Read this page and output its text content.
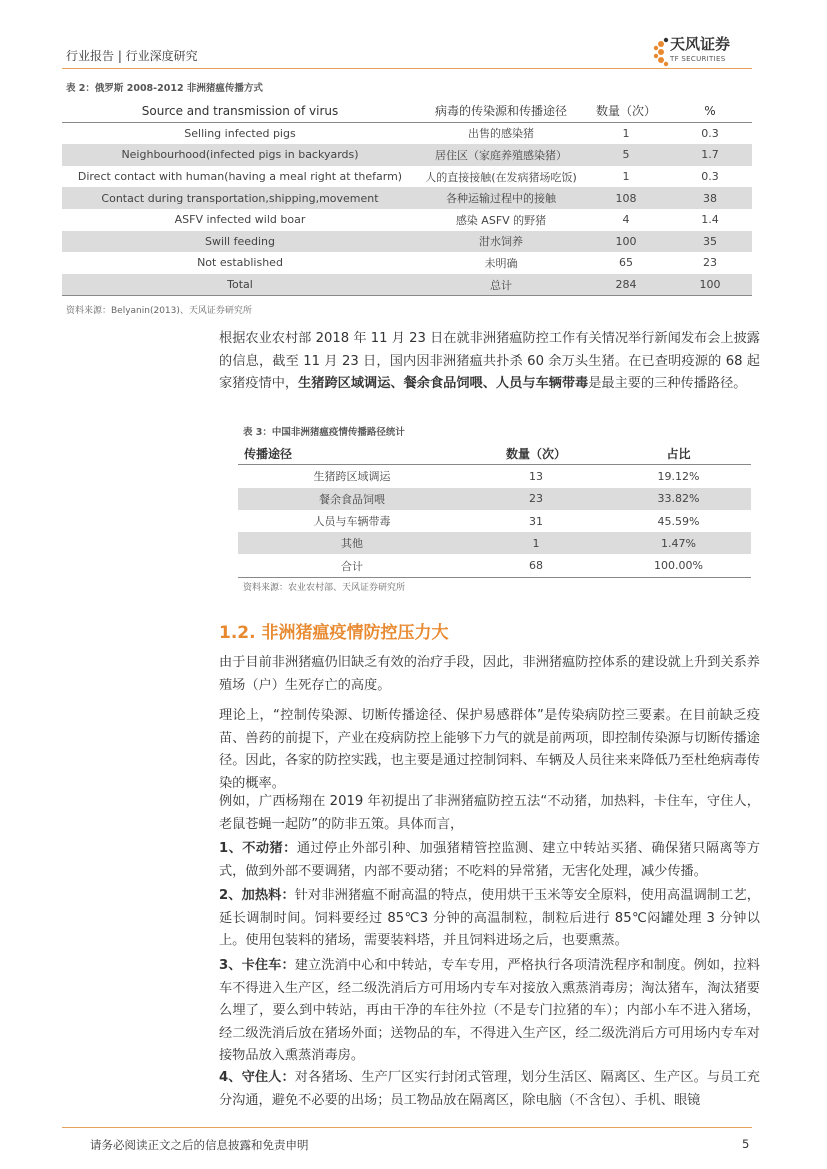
行业报告 | 行业深度研究
天风证券
TF SECURITIES
表 2：俄罗斯 2008-2012 非洲猪瘟传播方式
Source and transmission of virus	病毒的传染源和传播途径	数量（次）	%
Selling infected pigs	出售的感染猪	1	0.3
Neighbourhood(infected pigs in backyards)	居住区（家庭养殖感染猪）	5	1.7
Direct contact with human(having a meal right at thefarm)	人的直接接触(在发病猪场吃饭)	1	0.3
Contact during transportation,shipping,movement	各种运输过程中的接触	108	38
ASFV infected wild boar	感染 ASFV 的野猪	4	1.4
Swill feeding	泔水饲养	100	35
Not established	未明确	65	23
Total	总计	284	100
资料来源：Belyanin(2013)、天风证券研究所

根据农业农村部 2018 年 11 月 23 日在就非洲猪瘟防控工作有关情况举行新闻发布会上披露的信息，截至 11 月 23 日，国内因非洲猪瘟共扑杀 60 余万头生猪。在已查明疫源的 68 起家猪疫情中，生猪跨区域调运、餐余食品饲喂、人员与车辆带毒是最主要的三种传播路径。

表 3：中国非洲猪瘟疫情传播路径统计
传播途径	数量（次）	占比
生猪跨区域调运	13	19.12%
餐余食品饲喂	23	33.82%
人员与车辆带毒	31	45.59%
其他	1	1.47%
合计	68	100.00%
资料来源：农业农村部、天风证券研究所
1.2. 非洲猪瘟疫情防控压力大

由于目前非洲猪瘟仍旧缺乏有效的治疗手段，因此，非洲猪瘟防控体系的建设就上升到关系养殖场（户）生死存亡的高度。

理论上，“控制传染源、切断传播途径、保护易感群体”是传染病防控三要素。在目前缺乏疫苗、兽药的前提下，产业在疫病防控上能够下力气的就是前两项，即控制传染源与切断传播途径。因此，各家的防控实践，也主要是通过控制饲料、车辆及人员往来来降低乃至杜绝病毒传染的概率。

例如，广西杨翔在 2019 年初提出了非洲猪瘟防控五法“不动猪，加热料，卡住车，守住人，老鼠苍蝇一起防”的防非五策。具体而言，

1、不动猪：通过停止外部引种、加强猪精管控监测、建立中转站买猪、确保猪只隔离等方式，做到外部不要调猪，内部不要动猪；不吃料的异常猪，无害化处理，减少传播。

2、加热料：针对非洲猪瘟不耐高温的特点，使用烘干玉米等安全原料，使用高温调制工艺，延长调制时间。饲料要经过 85℃3 分钟的高温制粒，制粒后进行 85℃闷罐处理 3 分钟以上。使用包装料的猪场，需要装料塔，并且饲料进场之后，也要熏蒸。

3、卡住车：建立洗消中心和中转站，专车专用，严格执行各项清洗程序和制度。例如，拉料车不得进入生产区，经二级洗消后方可用场内专车对接放入熏蒸消毒房；淘汰猪车，淘汰猪要么埋了，要么到中转站，再由干净的车往外拉（不是专门拉猪的车）；内部小车不进入猪场，经二级洗消后放在猪场外面；送物品的车，不得进入生产区，经二级洗消后方可用场内专车对接物品放入熏蒸消毒房。

4、守住人：对各猪场、生产厂区实行封闭式管理，划分生活区、隔离区、生产区。与员工充分沟通，避免不必要的出场；员工物品放在隔离区，除电脑（不含包）、手机、眼镜

请务必阅读正文之后的信息披露和免责申明	5
